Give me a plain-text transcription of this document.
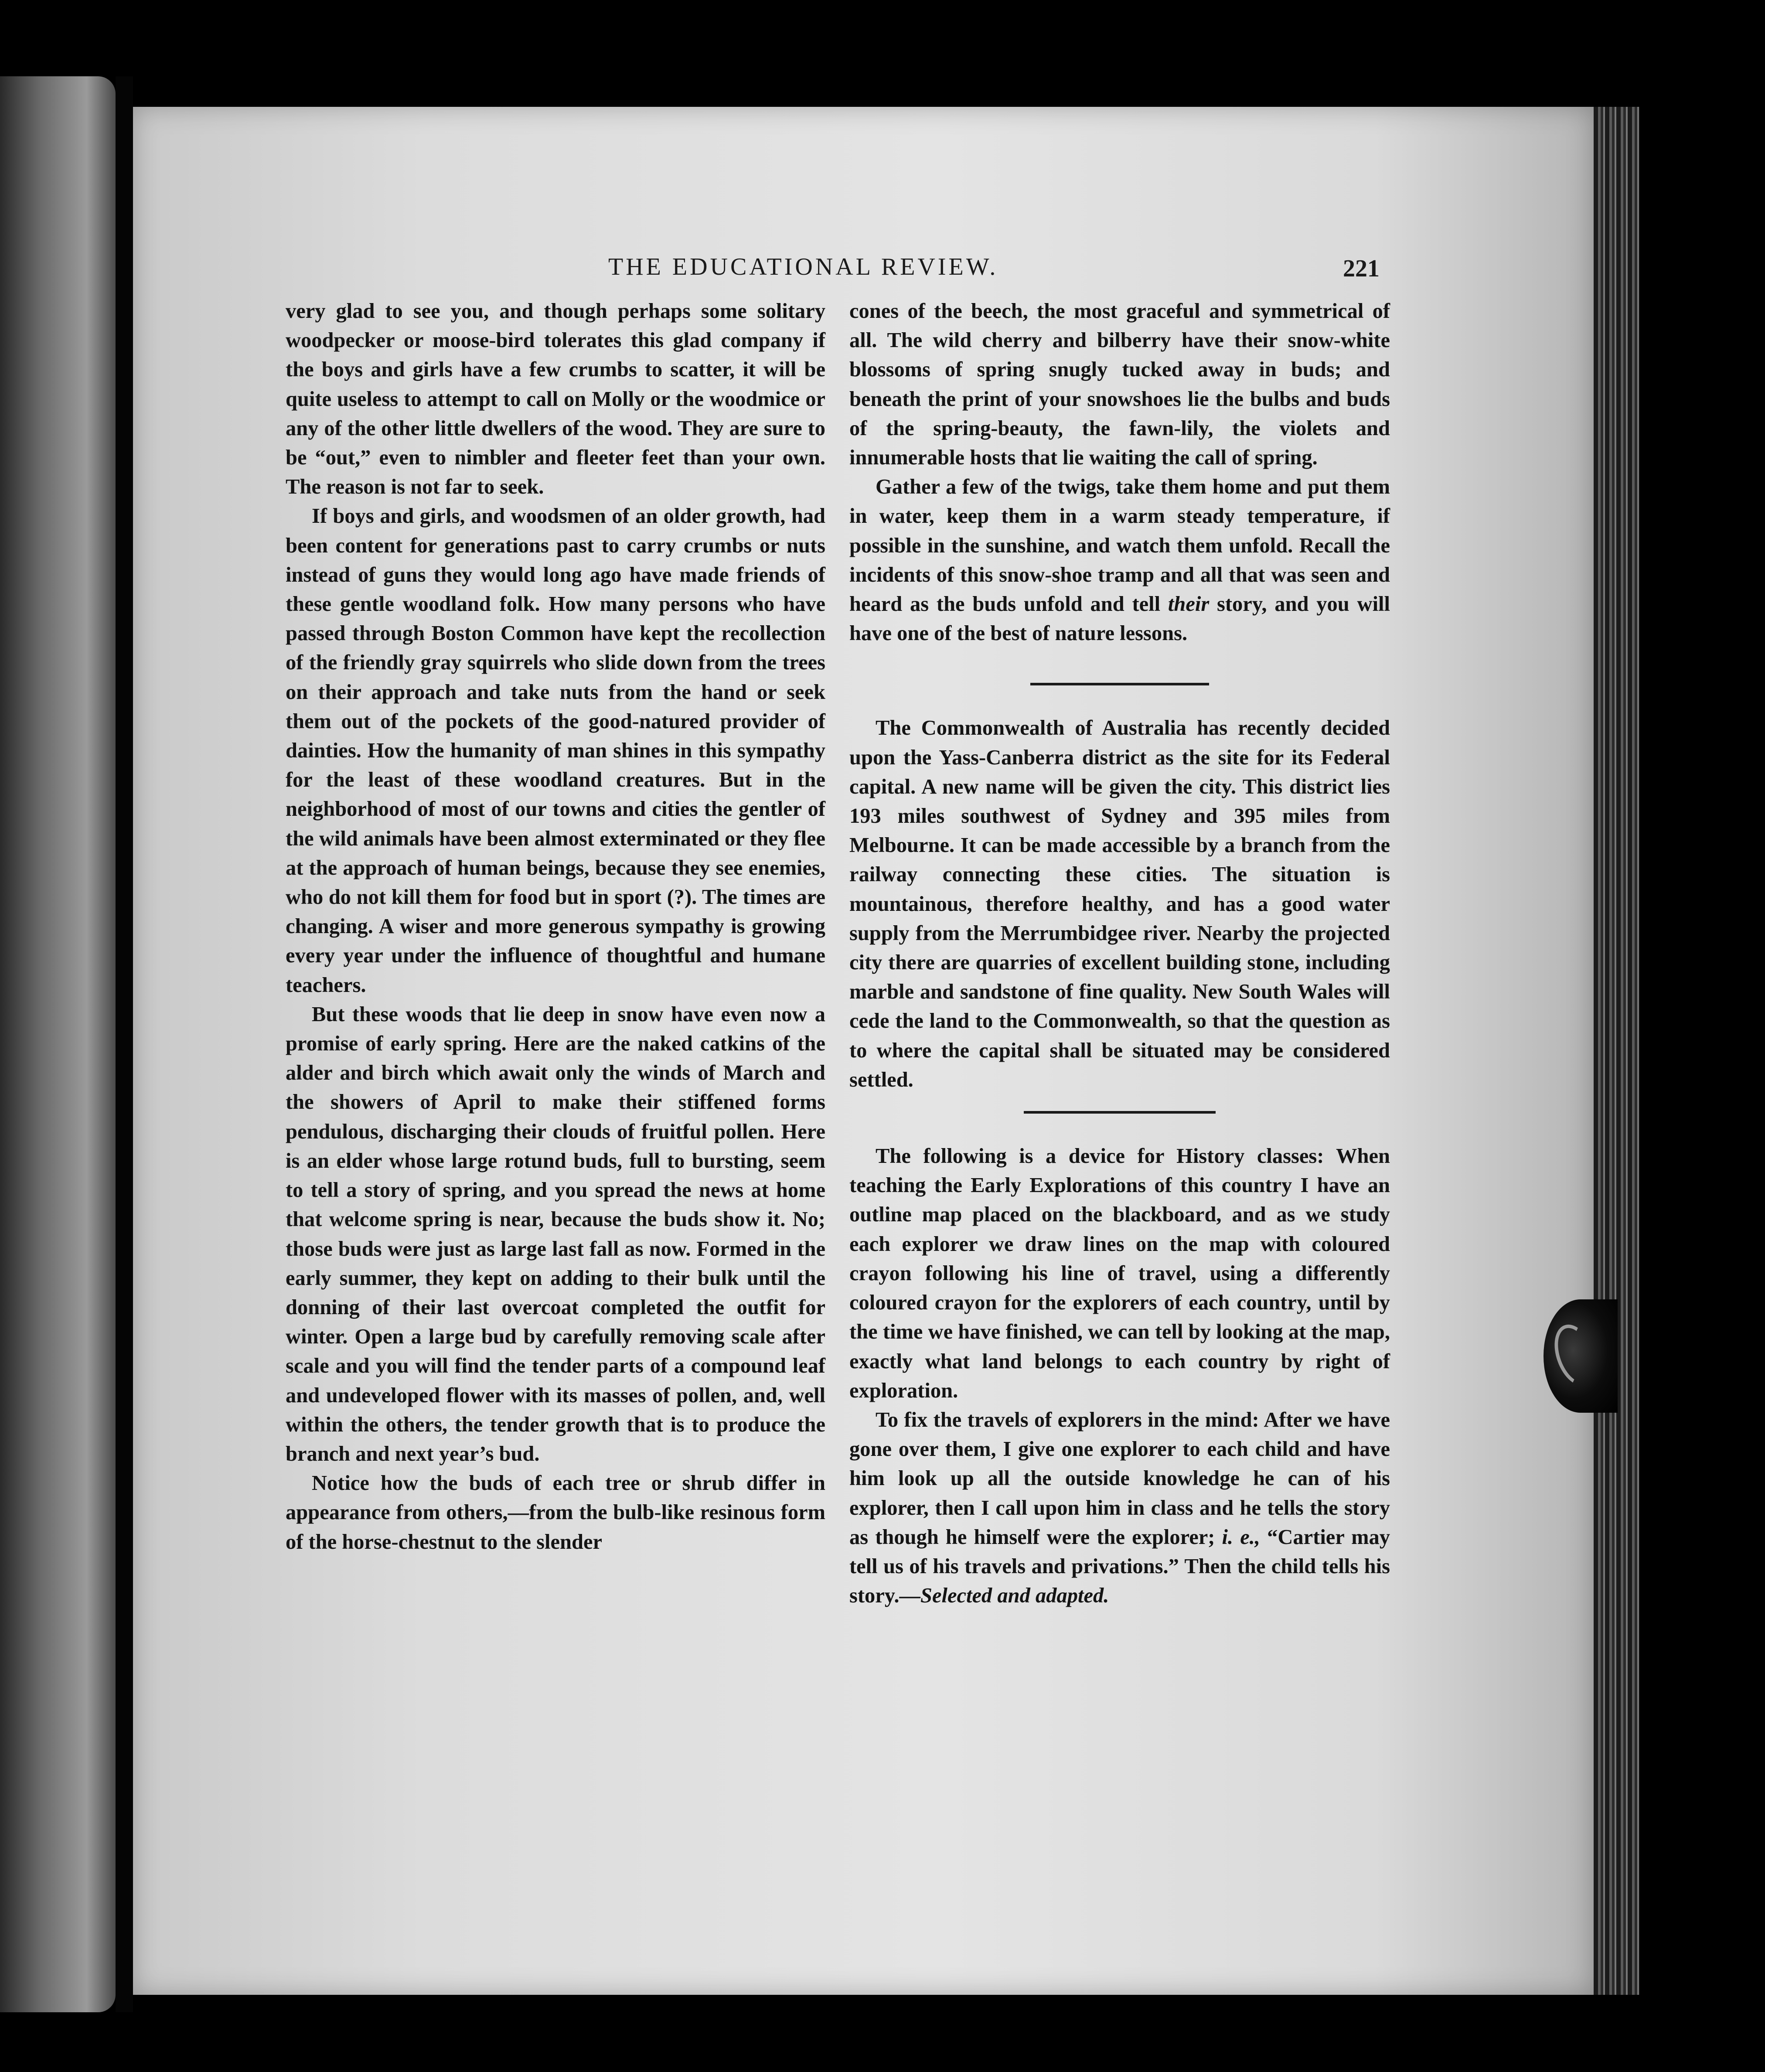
THE EDUCATIONAL REVIEW.	221

very glad to see you, and though perhaps some solitary woodpecker or moose-bird tolerates this glad company if the boys and girls have a few crumbs to scatter, it will be quite useless to attempt to call on Molly or the woodmice or any of the other little dwellers of the wood. They are sure to be “out,” even to nimbler and fleeter feet than your own. The reason is not far to seek.

If boys and girls, and woodsmen of an older growth, had been content for generations past to carry crumbs or nuts instead of guns they would long ago have made friends of these gentle woodland folk. How many persons who have passed through Boston Common have kept the recollection of the friendly gray squirrels who slide down from the trees on their approach and take nuts from the hand or seek them out of the pockets of the good-natured provider of dainties. How the humanity of man shines in this sympathy for the least of these woodland creatures. But in the neighborhood of most of our towns and cities the gentler of the wild animals have been almost exterminated or they flee at the approach of human beings, because they see enemies, who do not kill them for food but in sport (?). The times are changing. A wiser and more generous sympathy is growing every year under the influence of thoughtful and humane teachers.

But these woods that lie deep in snow have even now a promise of early spring. Here are the naked catkins of the alder and birch which await only the winds of March and the showers of April to make their stiffened forms pendulous, discharging their clouds of fruitful pollen. Here is an elder whose large rotund buds, full to bursting, seem to tell a story of spring, and you spread the news at home that welcome spring is near, because the buds show it. No; those buds were just as large last fall as now. Formed in the early summer, they kept on adding to their bulk until the donning of their last overcoat completed the outfit for winter. Open a large bud by carefully removing scale after scale and you will find the tender parts of a compound leaf and undeveloped flower with its masses of pollen, and, well within the others, the tender growth that is to produce the branch and next year’s bud.

Notice how the buds of each tree or shrub differ in appearance from others,—from the bulb-like resinous form of the horse-chestnut to the slender

cones of the beech, the most graceful and symmetrical of all. The wild cherry and bilberry have their snow-white blossoms of spring snugly tucked away in buds; and beneath the print of your snowshoes lie the bulbs and buds of the spring-beauty, the fawn-lily, the violets and innumerable hosts that lie waiting the call of spring.

Gather a few of the twigs, take them home and put them in water, keep them in a warm steady temperature, if possible in the sunshine, and watch them unfold. Recall the incidents of this snow-shoe tramp and all that was seen and heard as the buds unfold and tell their story, and you will have one of the best of nature lessons.

The Commonwealth of Australia has recently decided upon the Yass-Canberra district as the site for its Federal capital. A new name will be given the city. This district lies 193 miles southwest of Sydney and 395 miles from Melbourne. It can be made accessible by a branch from the railway connecting these cities. The situation is mountainous, therefore healthy, and has a good water supply from the Merrumbidgee river. Nearby the projected city there are quarries of excellent building stone, including marble and sandstone of fine quality. New South Wales will cede the land to the Commonwealth, so that the question as to where the capital shall be situated may be considered settled.

The following is a device for History classes: When teaching the Early Explorations of this country I have an outline map placed on the blackboard, and as we study each explorer we draw lines on the map with coloured crayon following his line of travel, using a differently coloured crayon for the explorers of each country, until by the time we have finished, we can tell by looking at the map, exactly what land belongs to each country by right of exploration.

To fix the travels of explorers in the mind: After we have gone over them, I give one explorer to each child and have him look up all the outside knowledge he can of his explorer, then I call upon him in class and he tells the story as though he himself were the explorer; i. e., “Cartier may tell us of his travels and privations.” Then the child tells his story.—Selected and adapted.
